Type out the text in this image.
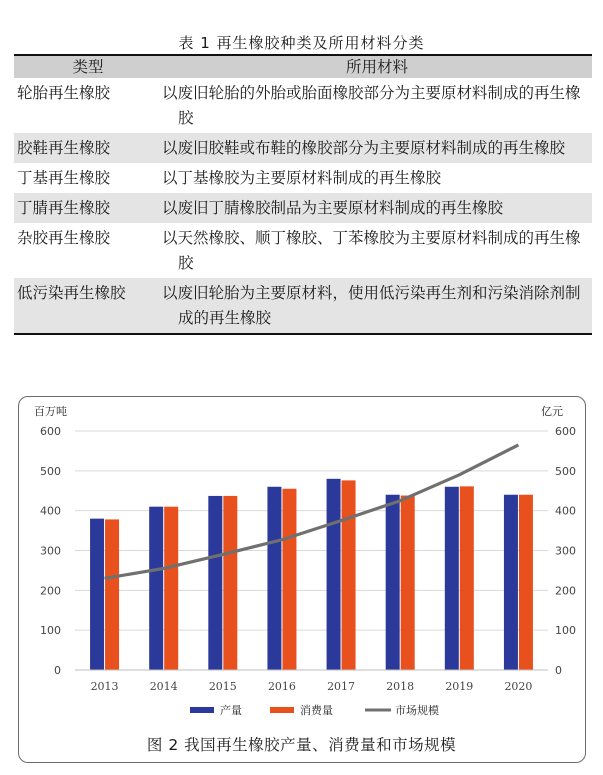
表 1 再生橡胶种类及所用材料分类
类型	所用材料
轮胎再生橡胶	以废旧轮胎的外胎或胎面橡胶部分为主要原材料制成的再生橡胶

胶鞋再生橡胶	以废旧胶鞋或布鞋的橡胶部分为主要原材料制成的再生橡胶

丁基再生橡胶	以丁基橡胶为主要原材料制成的再生橡胶

丁腈再生橡胶	以废旧丁腈橡胶制品为主要原材料制成的再生橡胶

杂胶再生橡胶	以天然橡胶、顺丁橡胶、丁苯橡胶为主要原材料制成的再生橡胶

低污染再生橡胶	以废旧轮胎为主要原材料，使用低污染再生剂和污染消除剂制成的再生橡胶
0	0
100	100
200	200
300	300
400	400
500	500
600	600
百万吨	亿元
2013	2014	2015	2016	2017	2018	2019	2020
产量	消费量	市场规模
图 2 我国再生橡胶产量、消费量和市场规模
